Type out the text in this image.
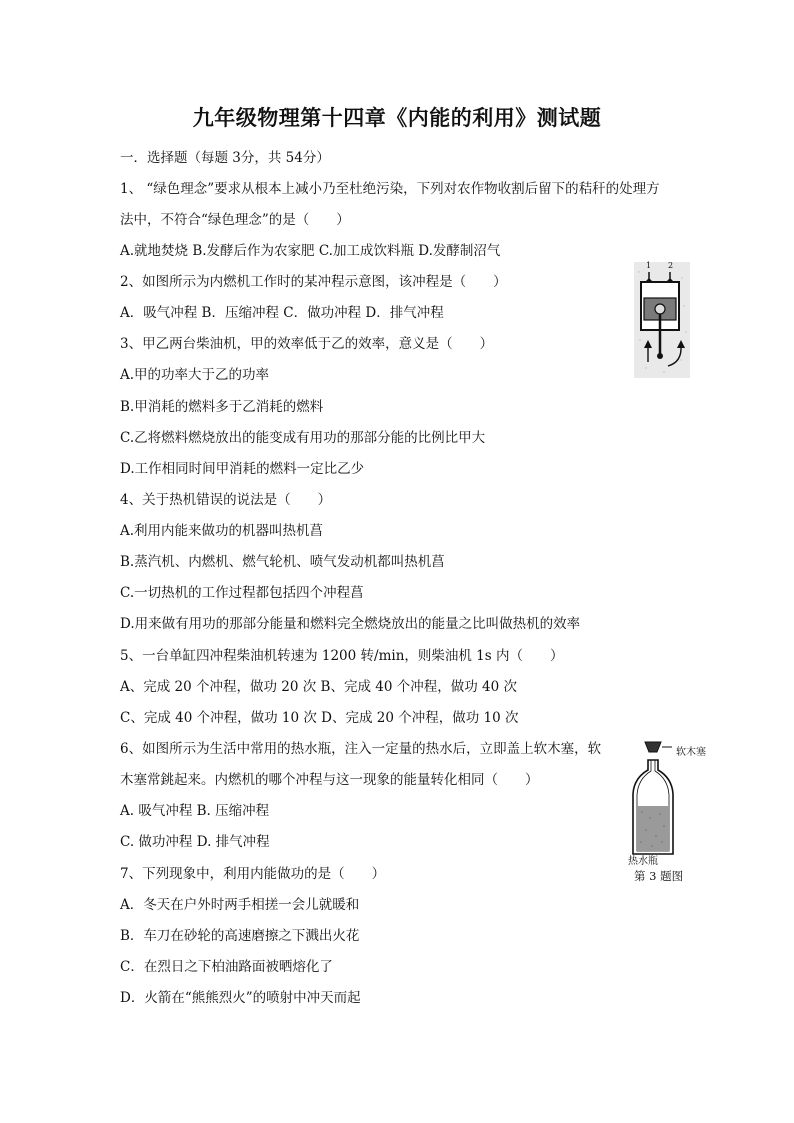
九年级物理第十四章《内能的利用》测试题
一．选择题（每题 3分，共 54分）
1、 “绿色理念”要求从根本上减小乃至杜绝污染，下列对农作物收割后留下的秸秆的处理方
法中，不符合“绿色理念”的是（　　）
A.就地焚烧 B.发酵后作为农家肥 C.加工成饮料瓶 D.发酵制沼气
2、如图所示为内燃机工作时的某冲程示意图，该冲程是（　　）
A．吸气冲程 B．压缩冲程 C．做功冲程 D．排气冲程
3、甲乙两台柴油机，甲的效率低于乙的效率，意义是（　　）
A.甲的功率大于乙的功率
B.甲消耗的燃料多于乙消耗的燃料
C.乙将燃料燃烧放出的能变成有用功的那部分能的比例比甲大
D.工作相同时间甲消耗的燃料一定比乙少
4、关于热机错误的说法是（　　）
A.利用内能来做功的机器叫热机菖
B.蒸汽机、内燃机、燃气轮机、喷气发动机都叫热机菖
C.一切热机的工作过程都包括四个冲程菖
D.用来做有用功的那部分能量和燃料完全燃烧放出的能量之比叫做热机的效率
5、一台单缸四冲程柴油机转速为 1200 转/min，则柴油机 1s 内（　　）
A、完成 20 个冲程，做功 20 次 B、完成 40 个冲程，做功 40 次
C、完成 40 个冲程，做功 10 次 D、完成 20 个冲程，做功 10 次
6、如图所示为生活中常用的热水瓶，注入一定量的热水后，立即盖上软木塞，软
木塞常銚起来。内燃机的哪个冲程与这一现象的能量转化相同（　　）
A. 吸气冲程 B. 压缩冲程
C. 做功冲程 D. 排气冲程
7、下列现象中，利用内能做功的是（　　）
A．冬天在户外时两手相搓一会儿就暖和
B．车刀在砂轮的高速磨擦之下溅出火花
C．在烈日之下柏油路面被晒熔化了
D．火箭在“熊熊烈火”的喷射中冲天而起
1 2
软木塞
热水瓶
第 3 题图
